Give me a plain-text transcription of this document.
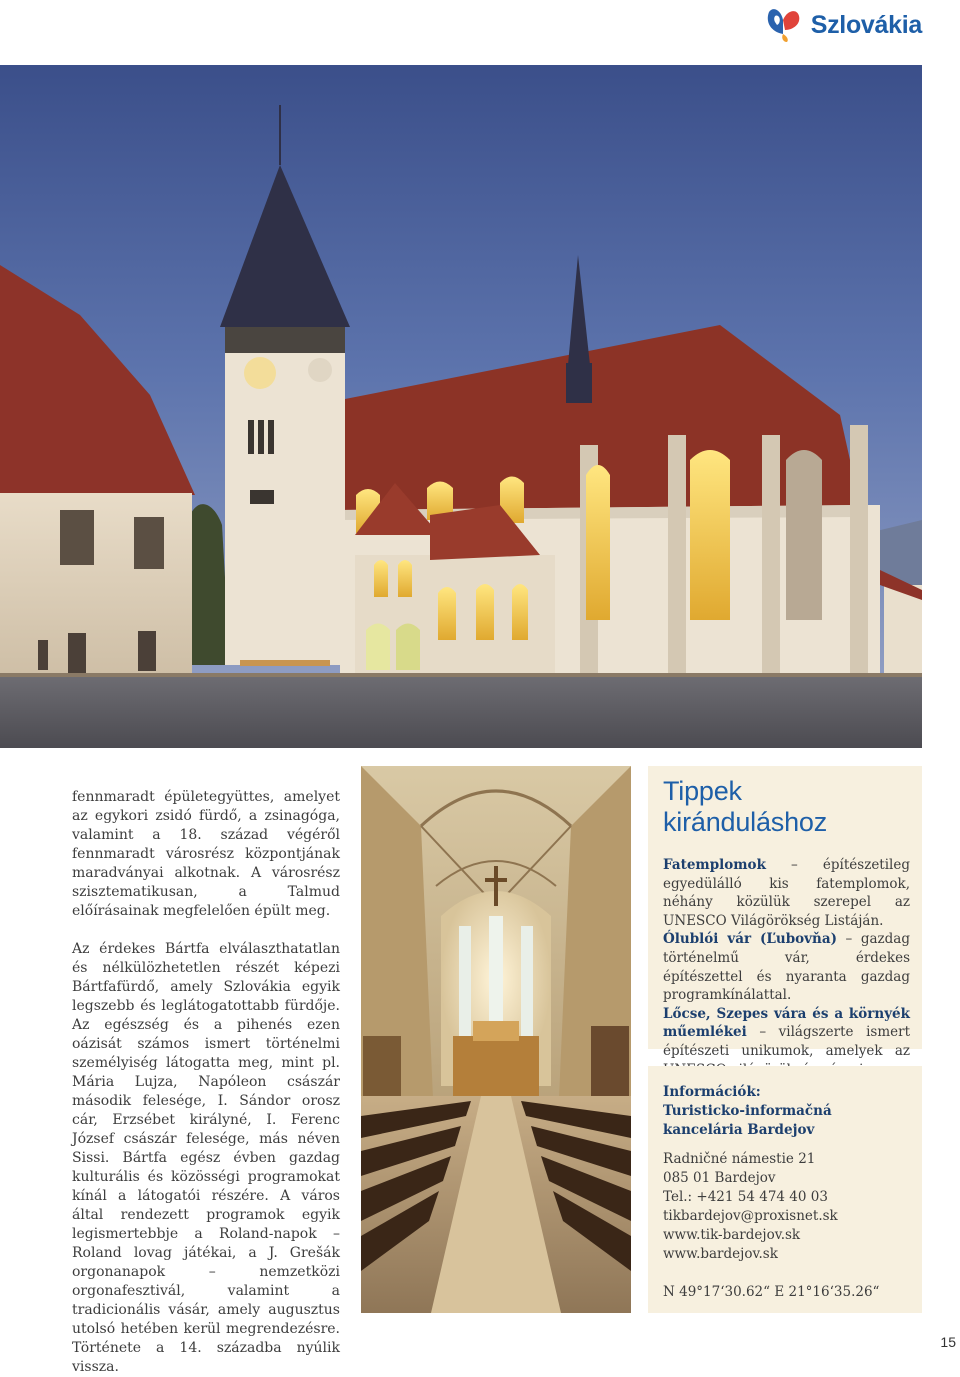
Szlovákia

fennmaradt épületegyüttes, amelyet az egykori zsidó fürdő, a zsinagóga, valamint a 18. század végéről fennmaradt városrész központjának maradványai alkotnak. A városrész szisztematikusan, a Talmud előírásainak megfelelően épült meg.

Az érdekes Bártfa elválaszthatatlan és nélkülözhetetlen részét képezi Bártfafürdő, amely Szlovákia egyik legszebb és leglátogatottabb fürdője. Az egészség és a pihenés ezen oázisát számos ismert történelmi személyiség látogatta meg, mint pl. Mária Lujza, Napóleon császár második felesége, I. Sándor orosz cár, Erzsébet királyné, I. Ferenc József császár felesége, más néven Sissi. Bártfa egész évben gazdag kulturális és közösségi programokat kínál a látogatói részére. A város által rendezett programok egyik legismertebbje a Roland-napok – Roland lovag játékai, a J. Grešák orgonanapok – nemzetközi orgonafesztivál, valamint a tradicionális vásár, amely augusztus utolsó hetében kerül megrendezésre. Története a 14. századba nyúlik vissza.

Tippek kiránduláshoz

Fatemplomok – építészetileg egyedülálló kis fatemplomok, néhány közülük szerepel az UNESCO Világörökség Listáján.

Ólublói vár (Ľubovňa) – gazdag történelmű vár, érdekes építészettel és nyaranta gazdag programkínálattal.

Lőcse, Szepes vára és a környék műemlékei – világszerte ismert építészeti unikumok, amelyek az

Információk:
Turisticko-informačná
kancelária Bardejov
Radničné námestie 21
085 01 Bardejov
Tel.: +421 54 474 40 03
tikbardejov@proxisnet.sk
www.tik-bardejov.sk
www.bardejov.sk
N 49°17‘30.62“ E 21°16‘35.26“
15
